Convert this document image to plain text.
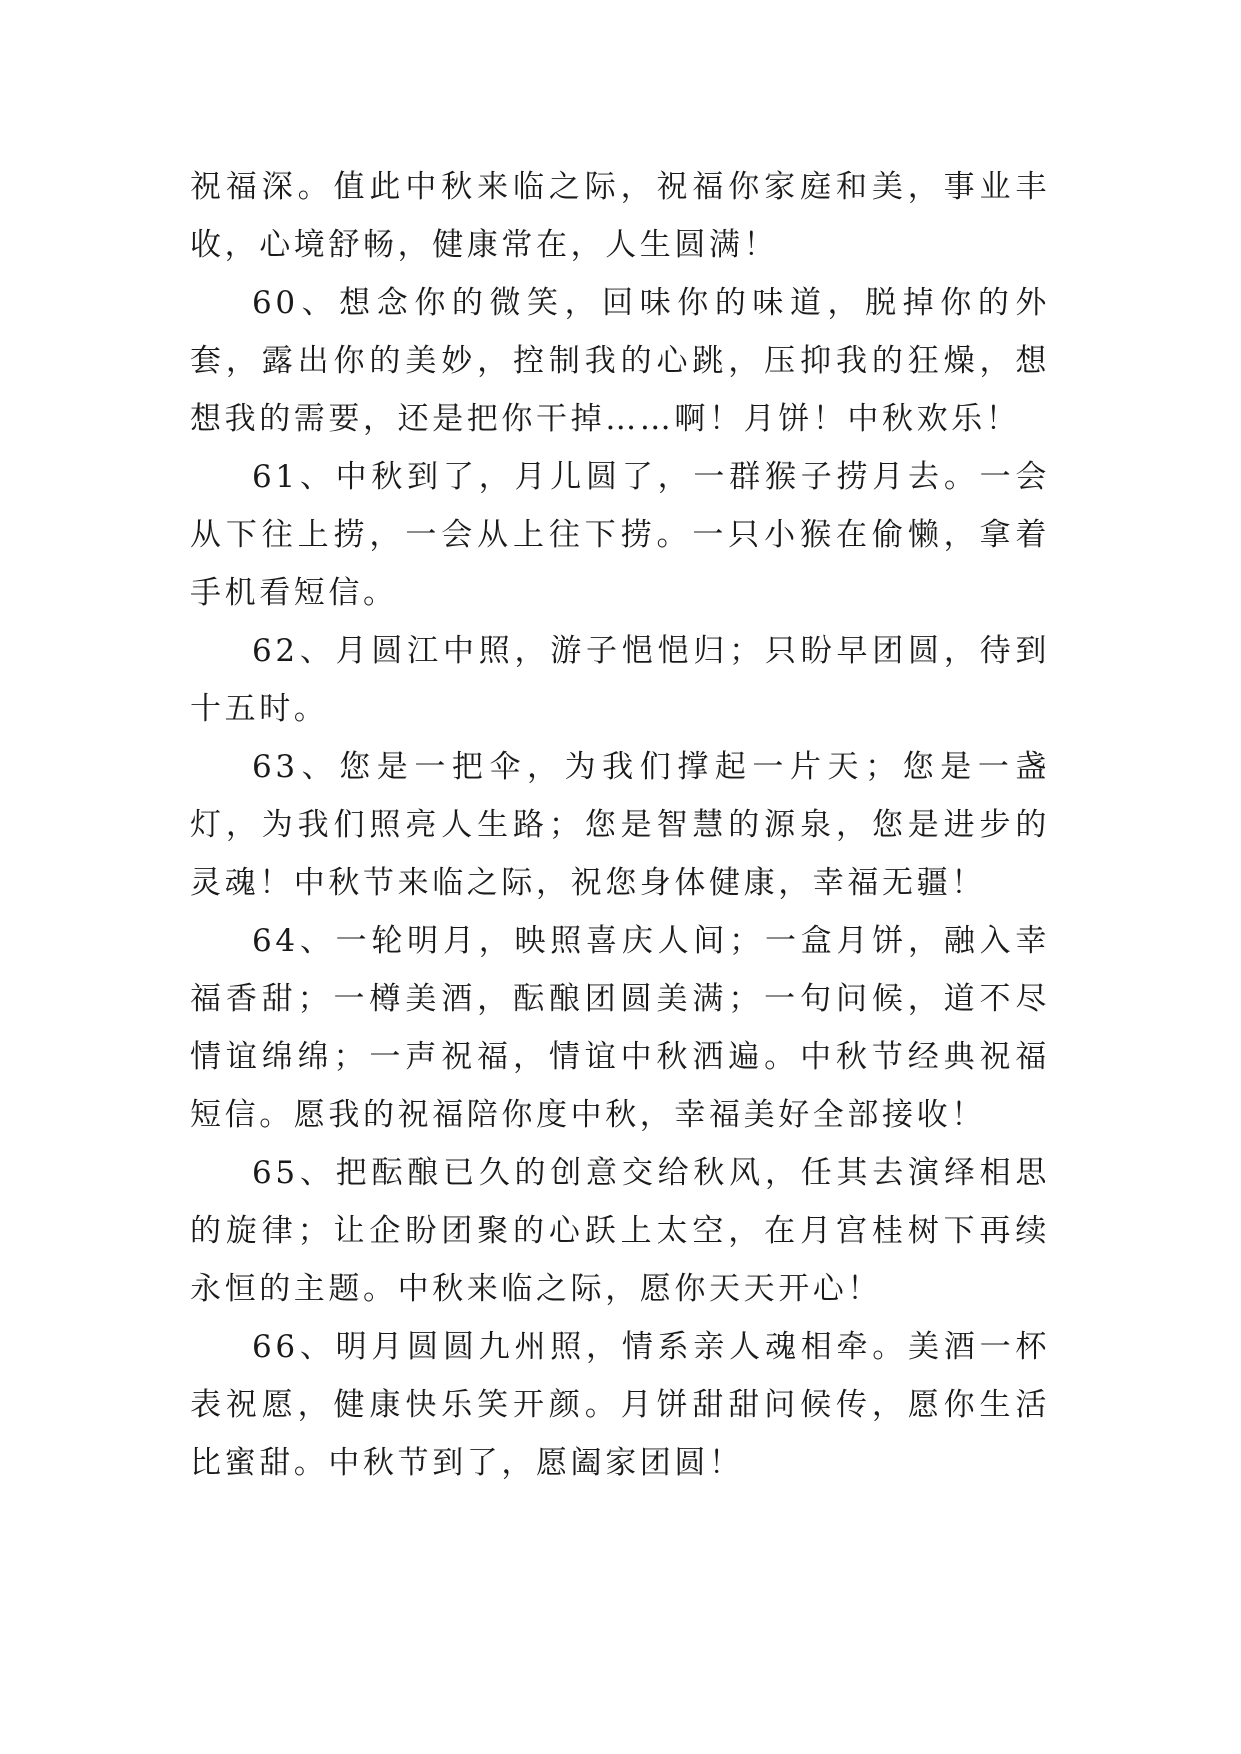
祝福深。值此中秋来临之际，祝福你家庭和美，事业丰收，心境舒畅，健康常在，人生圆满！

60、想念你的微笑，回味你的味道，脱掉你的外套，露出你的美妙，控制我的心跳，压抑我的狂燥，想想我的需要，还是把你干掉……啊！月饼！中秋欢乐！

61、中秋到了，月儿圆了，一群猴子捞月去。一会从下往上捞，一会从上往下捞。一只小猴在偷懒，拿着手机看短信。

62、月圆江中照，游子悒悒归；只盼早团圆，待到十五时。

63、您是一把伞，为我们撑起一片天；您是一盏灯，为我们照亮人生路；您是智慧的源泉，您是进步的灵魂！中秋节来临之际，祝您身体健康，幸福无疆！

64、一轮明月，映照喜庆人间；一盒月饼，融入幸福香甜；一樽美酒，酝酿团圆美满；一句问候，道不尽情谊绵绵；一声祝福，情谊中秋洒遍。中秋节经典祝福短信。愿我的祝福陪你度中秋，幸福美好全部接收！

65、把酝酿已久的创意交给秋风，任其去演绎相思的旋律；让企盼团聚的心跃上太空，在月宫桂树下再续永恒的主题。中秋来临之际，愿你天天开心！

66、明月圆圆九州照，情系亲人魂相牵。美酒一杯表祝愿，健康快乐笑开颜。月饼甜甜问候传，愿你生活比蜜甜。中秋节到了，愿阖家团圆！
